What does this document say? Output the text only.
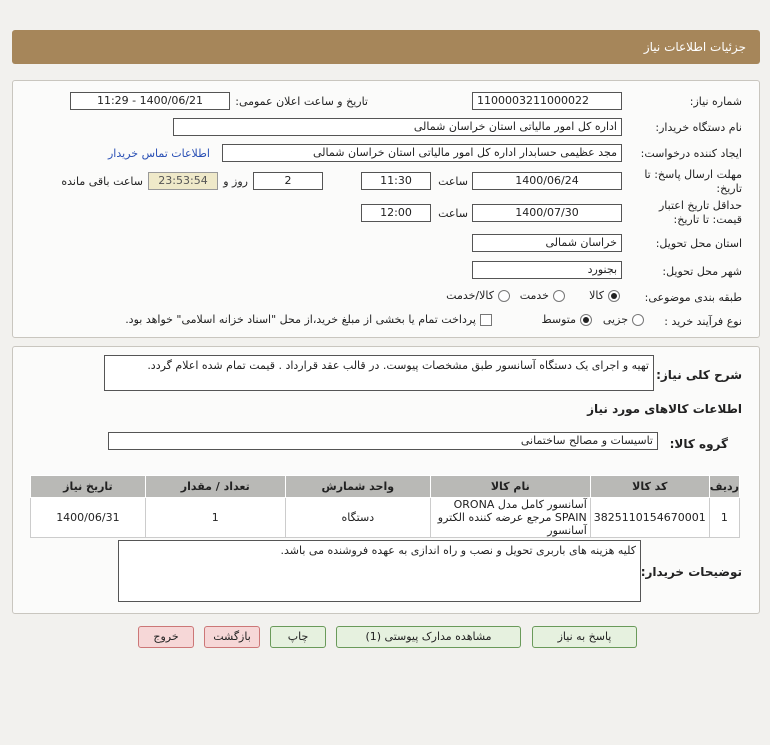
جزئیات اطلاعات نیاز
شماره نیاز:
1100003211000022
تاریخ و ساعت اعلان عمومی:
1400/06/21 - 11:29
نام دستگاه خریدار:
اداره کل امور مالیاتی استان خراسان شمالی
ایجاد کننده درخواست:
مجد عظیمی حسابدار اداره کل امور مالیاتی استان خراسان شمالی
اطلاعات تماس خریدار
مهلت ارسال پاسخ: تا تاریخ:
1400/06/24
ساعت
11:30
2
روز و
23:53:54
ساعت باقی مانده
حداقل تاریخ اعتبار قیمت: تا تاریخ:
1400/07/30
ساعت
12:00
استان محل تحویل:
خراسان شمالی
شهر محل تحویل:
بجنورد
طبقه بندی موضوعی:
کالا
خدمت
کالا/خدمت
نوع فرآیند خرید :
جزیی
متوسط
پرداخت تمام یا بخشی از مبلغ خرید،از محل "اسناد خزانه اسلامی" خواهد بود.
شرح کلی نیاز:
تهیه و اجرای یک دستگاه آسانسور طبق مشخصات پیوست. در قالب عقد قرارداد . قیمت تمام شده اعلام گردد.
اطلاعات کالاهای مورد نیاز
گروه کالا:
تاسیسات و مصالح ساختمانی
ردیف	کد کالا	نام کالا	واحد شمارش	تعداد / مقدار	تاریخ نیاز
1	3825110154670001	آسانسور کامل مدل ORONA SPAIN مرجع عرضه کننده الکترو آسانسور	دستگاه	1	1400/06/31
توضیحات خریدار:
کلیه هزینه های باربری تحویل و نصب و راه اندازی به عهده فروشنده می باشد.
پاسخ به نیاز
مشاهده مدارک پیوستی (1)
چاپ
بازگشت
خروج
